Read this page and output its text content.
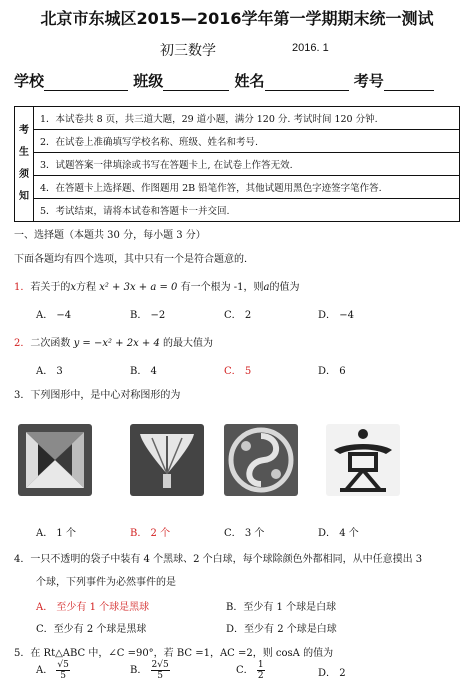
北京市东城区2015—2016学年第一学期期末统一测试
初三数学	2016. 1
学校	班级	姓名	考号
考
生
须
知
	1．本试卷共 8 页，共三道大题，29 道小题，满分 120 分. 考试时间 120 分钟.
2．在试卷上准确填写学校名称、班级、姓名和考号.
3．试题答案一律填涂或书写在答题卡上, 在试卷上作答无效.
4．在答题卡上选择题、作图题用 2B 铅笔作答，其他试题用黑色字迹签字笔作答.
5．考试结束，请将本试卷和答题卡一并交回.
一、选择题（本题共 30 分，每小题 3 分）
下面各题均有四个选项，其中只有一个是符合题意的．
1．若关于的x方程 x² + 3x + a = 0 有一个根为 -1，则a的值为
A． −4	B． −2	C． 2	D． −4
2．二次函数 y = −x² + 2x + 4 的最大值为
A． 3	B． 4	C． 5	D． 6
3．下列图形中，是中心对称图形的为
A． 1 个	B． 2 个	C． 3 个	D． 4 个
4．一只不透明的袋子中装有 4 个黑球、2 个白球，每个球除颜色外都相同，从中任意摸出 3
个球，下列事件为必然事件的是
A． 至少有 1 个球是黑球	B．至少有 1 个球是白球
C．至少有 2 个球是黑球	D．至少有 2 个球是白球
5．在 Rt△ABC 中，∠C =90°，若 BC =1，AC =2，则 cosA 的值为
A． $\frac{√5}{5}$	B． $\frac{2√5}{5}$	C． $\frac{1}{2}$	D． 2
